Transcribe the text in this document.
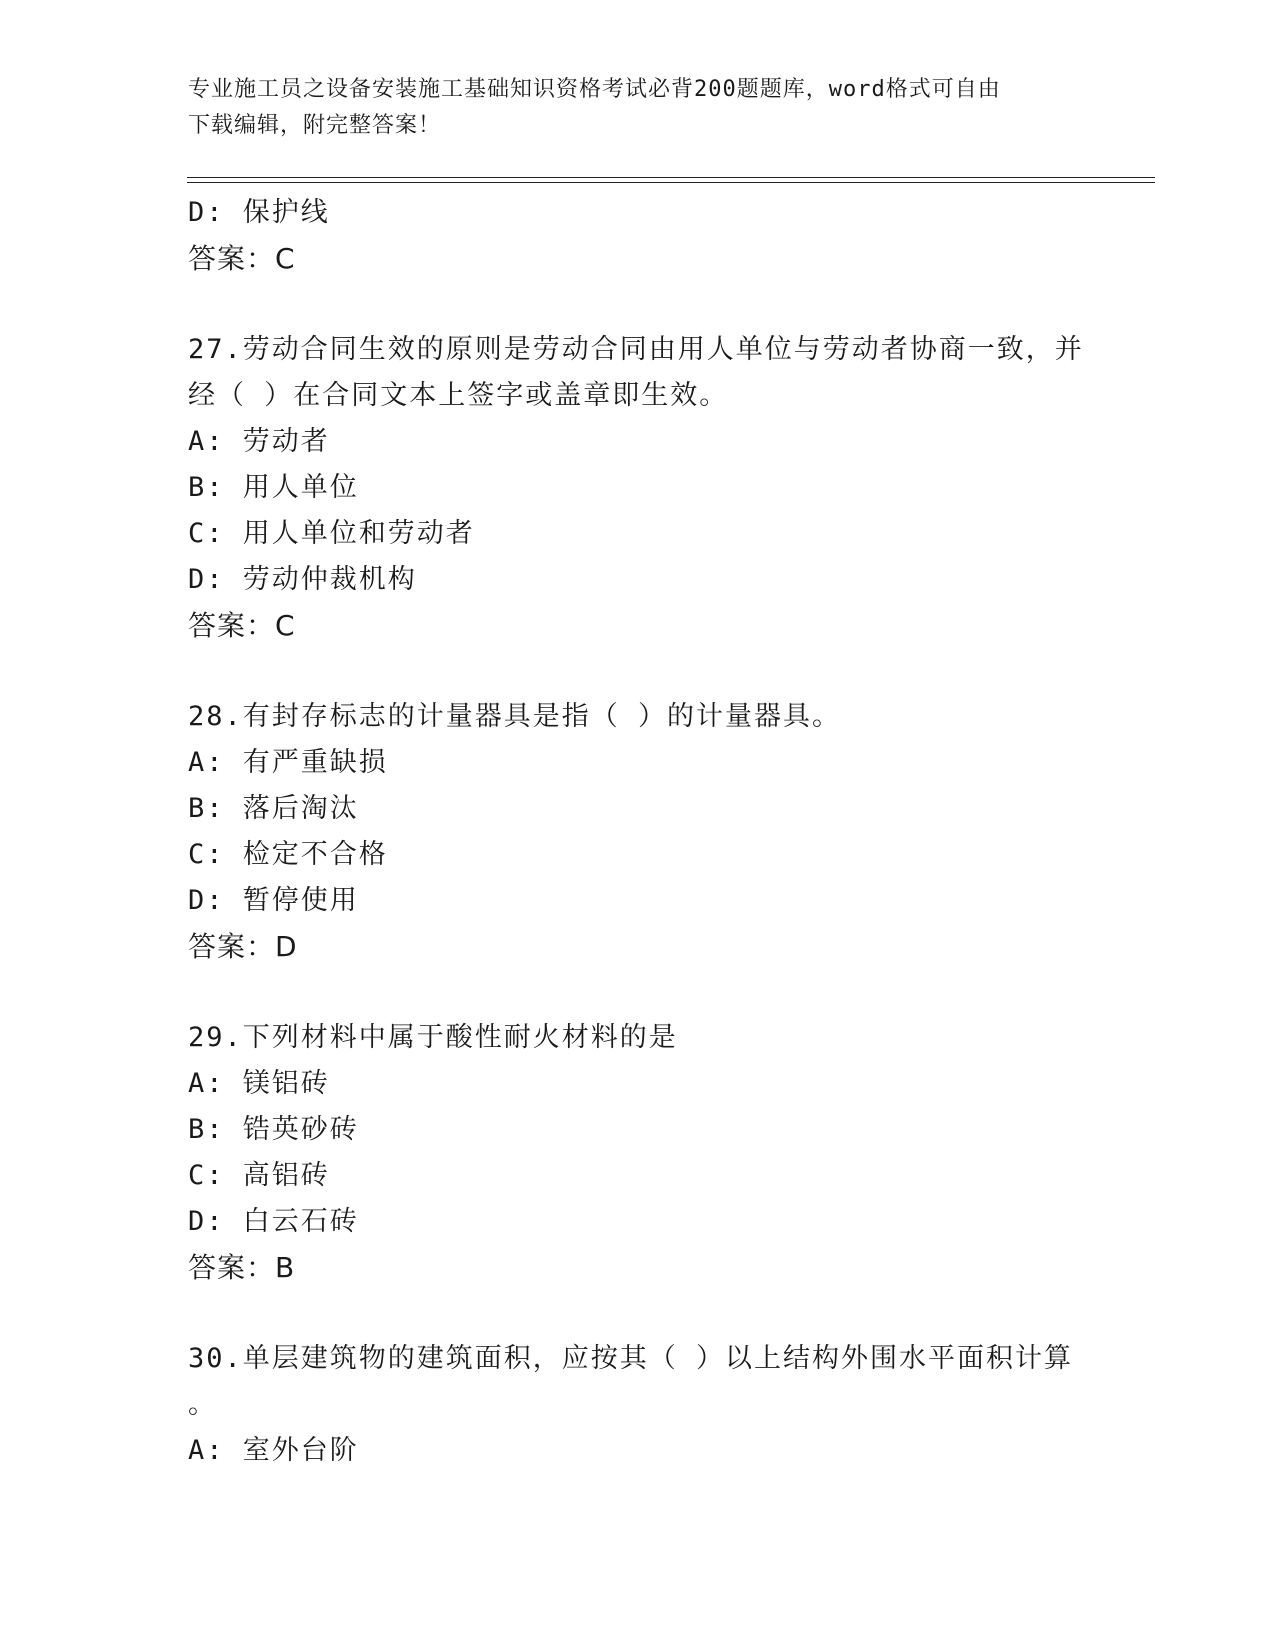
专业施工员之设备安装施工基础知识资格考试必背200题题库，word格式可自由
下载编辑，附完整答案！
D: 保护线
答案：C
27.劳动合同生效的原则是劳动合同由用人单位与劳动者协商一致，并
经（ ）在合同文本上签字或盖章即生效。
A: 劳动者
B: 用人单位
C: 用人单位和劳动者
D: 劳动仲裁机构
答案：C
28.有封存标志的计量器具是指（ ）的计量器具。
A: 有严重缺损
B: 落后淘汰
C: 检定不合格
D: 暂停使用
答案：D
29.下列材料中属于酸性耐火材料的是
A: 镁铝砖
B: 锆英砂砖
C: 高铝砖
D: 白云石砖
答案：B
30.单层建筑物的建筑面积，应按其（ ）以上结构外围水平面积计算
。
A: 室外台阶
